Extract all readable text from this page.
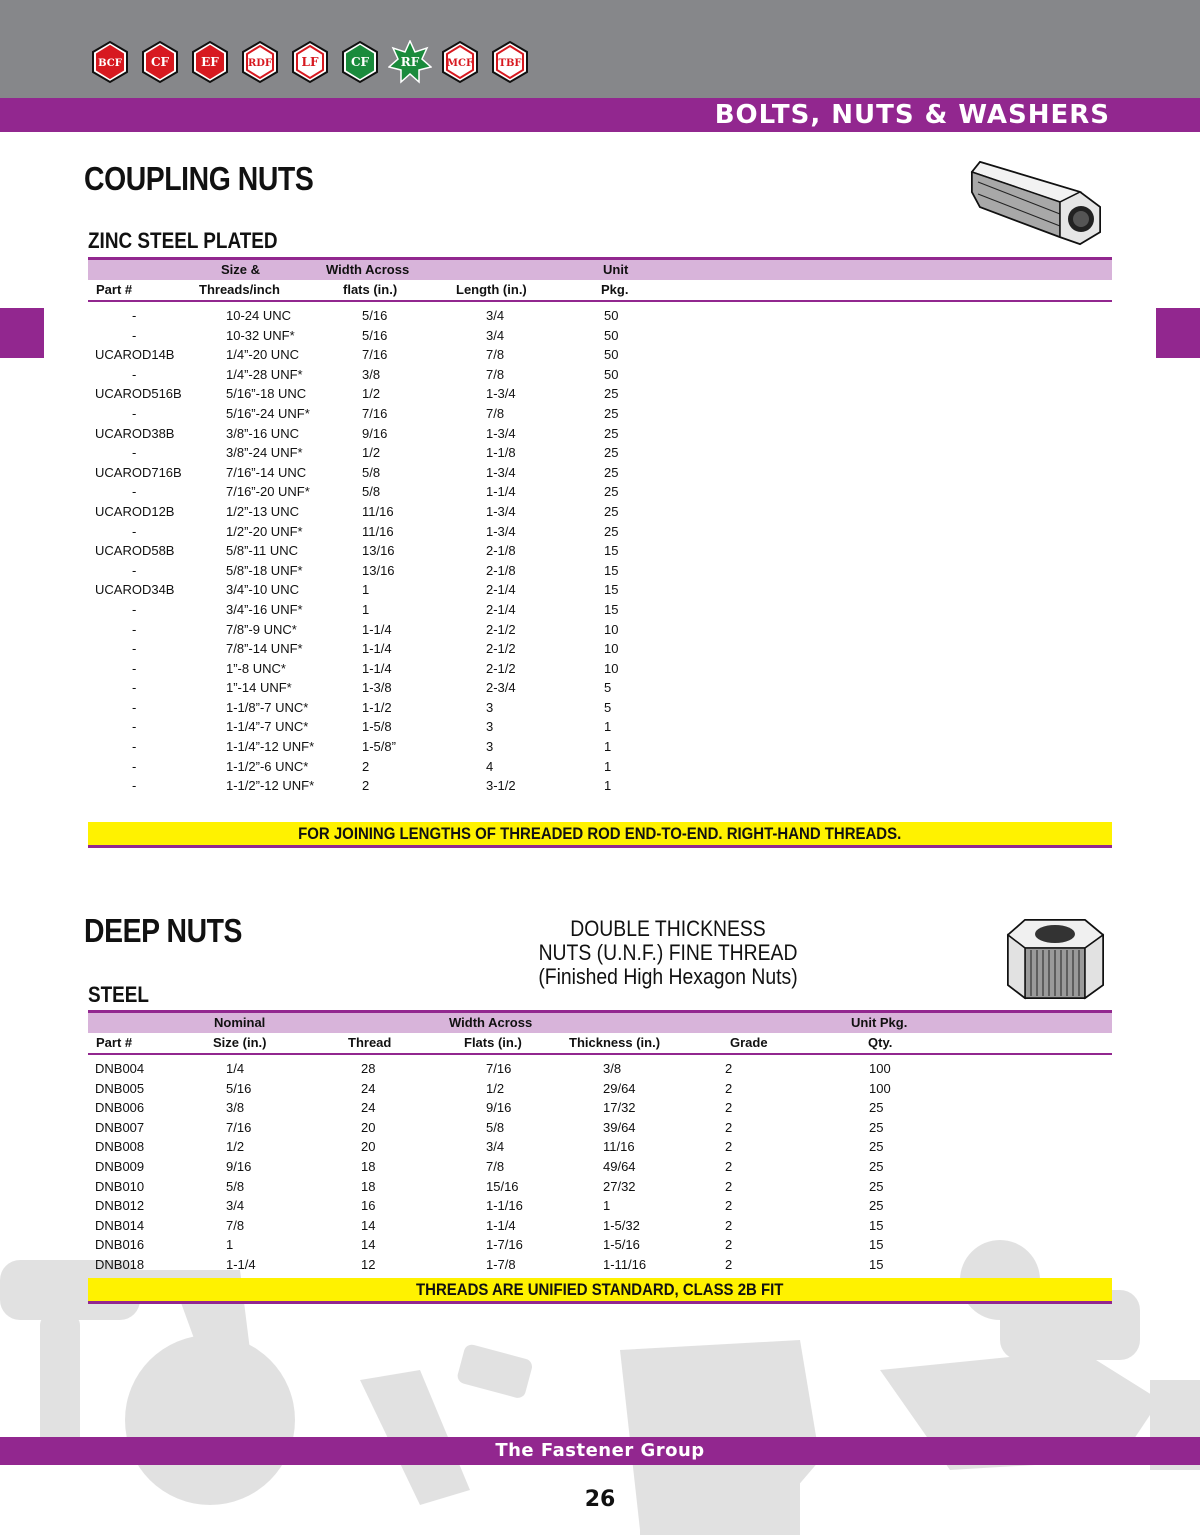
BCF CF	EF	RDF LF	CF	RF	MCF	TBF
BOLTS, NUTS & WASHERS
COUPLING NUTS
ZINC STEEL PLATED
Size &	Width Across	Unit
Part #	Threads/inch	flats (in.)	Length (in.)	Pkg.
-	10-24 UNC	5/16	3/4	50
-	10-32 UNF*	5/16	3/4	50
UCAROD14B	1/4”-20 UNC	7/16	7/8	50
-	1/4”-28 UNF*	3/8	7/8	50
UCAROD516B	5/16”-18 UNC	1/2	1-3/4	25
-	5/16”-24 UNF*	7/16	7/8	25
UCAROD38B	3/8”-16 UNC	9/16	1-3/4	25
-	3/8”-24 UNF*	1/2	1-1/8	25
UCAROD716B	7/16”-14 UNC	5/8	1-3/4	25
-	7/16”-20 UNF*	5/8	1-1/4	25
UCAROD12B	1/2”-13 UNC	11/16	1-3/4	25
-	1/2”-20 UNF*	11/16	1-3/4	25
UCAROD58B	5/8”-11 UNC	13/16	2-1/8	15
-	5/8”-18 UNF*	13/16	2-1/8	15
UCAROD34B	3/4”-10 UNC	1	2-1/4	15
-	3/4”-16 UNF*	1	2-1/4	15
-	7/8”-9 UNC*	1-1/4	2-1/2	10
-	7/8”-14 UNF*	1-1/4	2-1/2	10
-	1”-8 UNC*	1-1/4	2-1/2	10
-	1”-14 UNF*	1-3/8	2-3/4	5
-	1-1/8”-7 UNC*	1-1/2	3	5
-	1-1/4”-7 UNC*	1-5/8	3	1
-	1-1/4”-12 UNF*	1-5/8”	3	1
-	1-1/2”-6 UNC*	2	4	1
-	1-1/2”-12 UNF*	2	3-1/2	1
FOR JOINING LENGTHS OF THREADED ROD END-TO-END. RIGHT-HAND THREADS.
DEEP NUTS
STEEL
DOUBLE THICKNESS
NUTS (U.N.F.) FINE THREAD
(Finished High Hexagon Nuts)
Nominal	Width Across	Unit Pkg.
Part #	Size (in.)	Thread	Flats (in.)	Thickness (in.)	Grade	Qty.
DNB004	1/4	28	7/16	3/8	2	100
DNB005	5/16	24	1/2	29/64	2	100
DNB006	3/8	24	9/16	17/32	2	25
DNB007	7/16	20	5/8	39/64	2	25
DNB008	1/2	20	3/4	11/16	2	25
DNB009	9/16	18	7/8	49/64	2	25
DNB010	5/8	18	15/16	27/32	2	25
DNB012	3/4	16	1-1/16	1	2	25
DNB014	7/8	14	1-1/4	1-5/32	2	15
DNB016	1	14	1-7/16	1-5/16	2	15
DNB018	1-1/4	12	1-7/8	1-11/16	2	15
THREADS ARE UNIFIED STANDARD, CLASS 2B FIT
The Fastener Group
26
